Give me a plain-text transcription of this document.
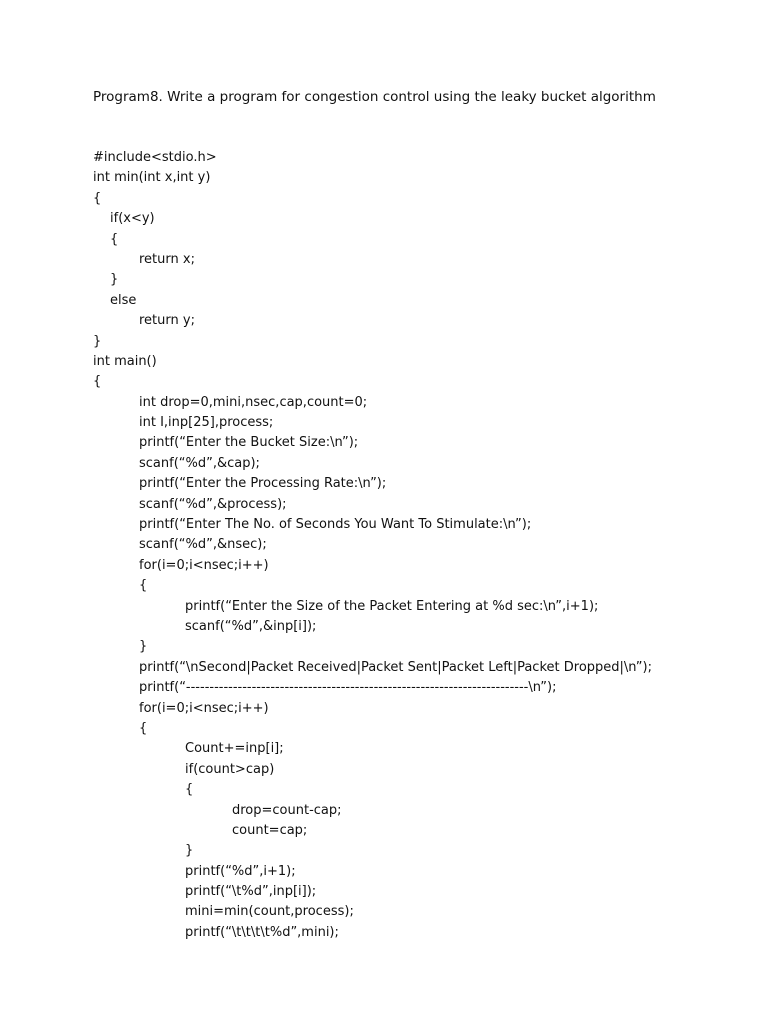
Program8. Write a program for congestion control using the leaky bucket algorithm
#include<stdio.h>
int min(int x,int y)
{
if(x<y)
{
return x;
}
else
return y;
}
int main()
{
int drop=0,mini,nsec,cap,count=0;
int I,inp[25],process;
printf(“Enter the Bucket Size:\n”);
scanf(“%d”,&cap);
printf(“Enter the Processing Rate:\n”);
scanf(“%d”,&process);
printf(“Enter The No. of Seconds You Want To Stimulate:\n”);
scanf(“%d”,&nsec);
for(i=0;i<nsec;i++)
{
printf(“Enter the Size of the Packet Entering at %d sec:\n”,i+1);
scanf(“%d”,&inp[i]);
}
printf(“\nSecond|Packet Received|Packet Sent|Packet Left|Packet Dropped|\n”);
printf(“-------------------------------------------------------------------------\n”);
for(i=0;i<nsec;i++)
{
Count+=inp[i];
if(count>cap)
{
drop=count-cap;
count=cap;
}
printf(“%d”,i+1);
printf(“\t%d”,inp[i]);
mini=min(count,process);
printf(“\t\t\t\t%d”,mini);
